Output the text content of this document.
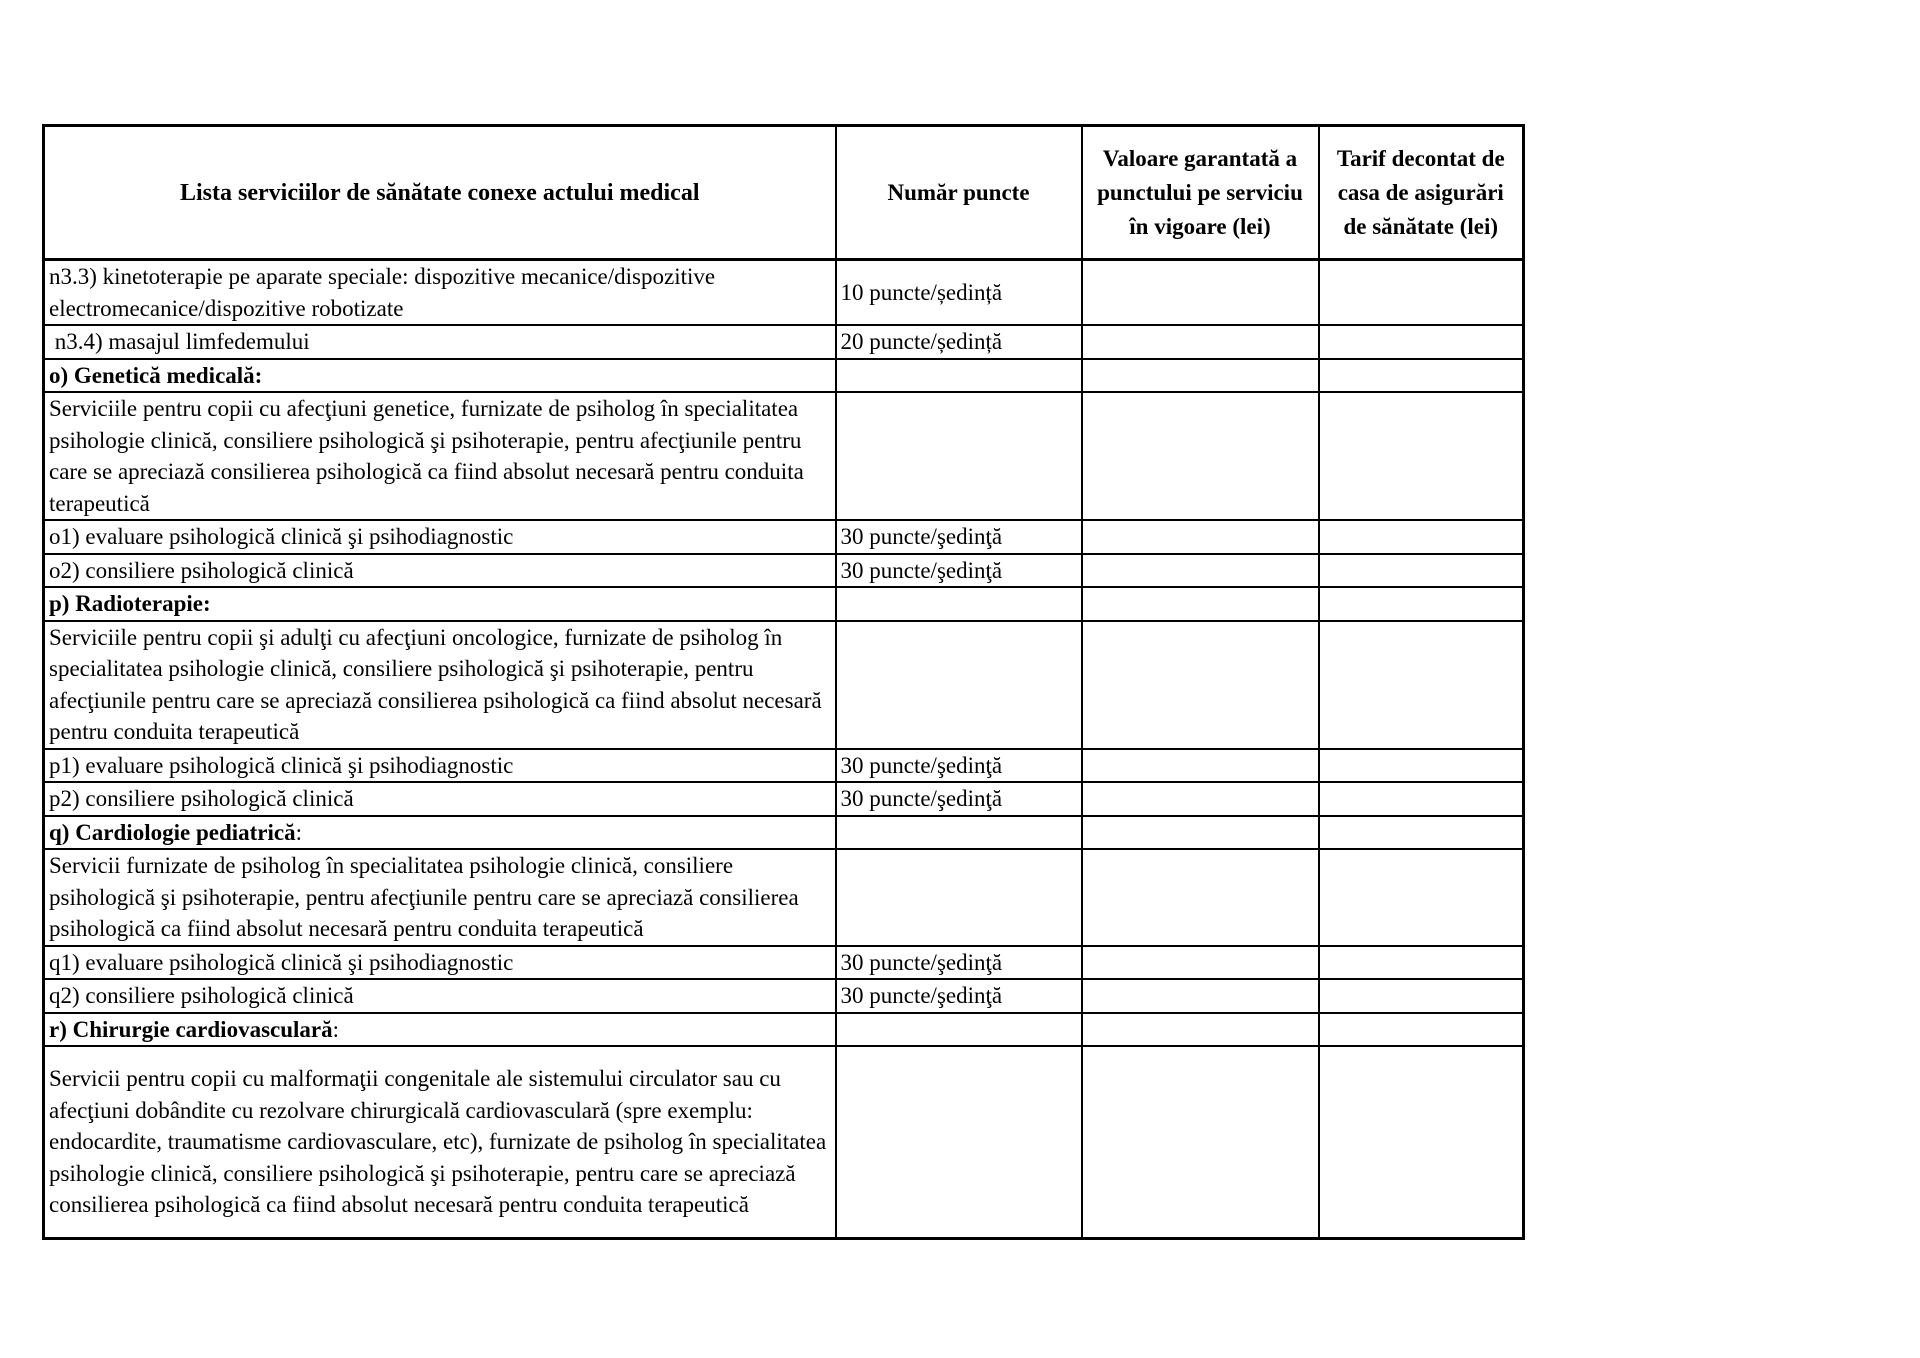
Lista serviciilor de sănătate conexe actului medical	Număr puncte	Valoare garantată a punctului pe serviciu în vigoare (lei)	Tarif decontat de casa de asigurări de sănătate (lei)
n3.3) kinetoterapie pe aparate speciale: dispozitive mecanice/dispozitive electromecanice/dispozitive robotizate	10 puncte/ședință		
n3.4) masajul limfedemului	20 puncte/ședință		
o) Genetică medicală:			
Serviciile pentru copii cu afecţiuni genetice, furnizate de psiholog în specialitatea psihologie clinică, consiliere psihologică şi psihoterapie, pentru afecţiunile pentru care se apreciază consilierea psihologică ca fiind absolut necesară pentru conduita terapeutică			
o1) evaluare psihologică clinică şi psihodiagnostic	30 puncte/şedinţă		
o2) consiliere psihologică clinică	30 puncte/şedinţă		
p) Radioterapie:			
Serviciile pentru copii şi adulţi cu afecţiuni oncologice, furnizate de psiholog în specialitatea psihologie clinică, consiliere psihologică şi psihoterapie, pentru afecţiunile pentru care se apreciază consilierea psihologică ca fiind absolut necesară pentru conduita terapeutică			
p1) evaluare psihologică clinică şi psihodiagnostic	30 puncte/şedinţă		
p2) consiliere psihologică clinică	30 puncte/şedinţă		
q) Cardiologie pediatrică:			
Servicii furnizate de psiholog în specialitatea psihologie clinică, consiliere psihologică şi psihoterapie, pentru afecţiunile pentru care se apreciază consilierea psihologică ca fiind absolut necesară pentru conduita terapeutică			
q1) evaluare psihologică clinică şi psihodiagnostic	30 puncte/şedinţă		
q2) consiliere psihologică clinică	30 puncte/şedinţă		
r) Chirurgie cardiovasculară:			
Servicii pentru copii cu malformaţii congenitale ale sistemului circulator sau cu afecţiuni dobândite cu rezolvare chirurgicală cardiovasculară (spre exemplu: endocardite, traumatisme cardiovasculare, etc), furnizate de psiholog în specialitatea psihologie clinică, consiliere psihologică şi psihoterapie, pentru care se apreciază consilierea psihologică ca fiind absolut necesară pentru conduita terapeutică			
